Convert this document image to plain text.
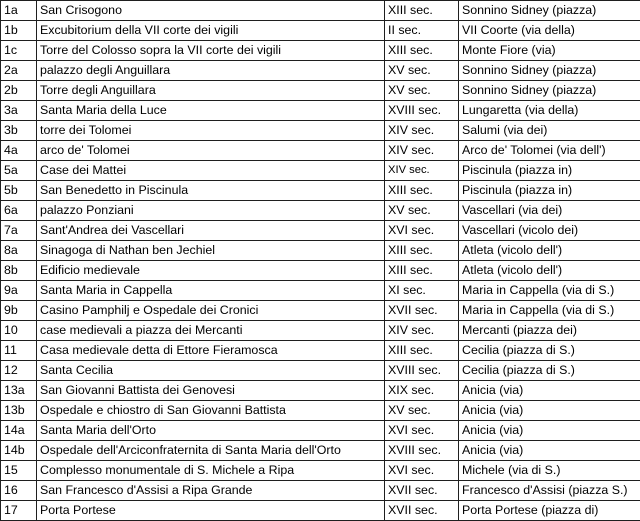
1a	San Crisogono	XIII sec.	Sonnino Sidney (piazza)
1b	Excubitorium della VII corte dei vigili	II sec.	VII Coorte (via della)
1c	Torre del Colosso sopra la VII corte dei vigili	XIII sec.	Monte Fiore (via)
2a	palazzo degli Anguillara	XV sec.	Sonnino Sidney (piazza)
2b	Torre degli Anguillara	XV sec.	Sonnino Sidney (piazza)
3a	Santa Maria della Luce	XVIII sec.	Lungaretta (via della)
3b	torre dei Tolomei	XIV sec.	Salumi (via dei)
4a	arco de' Tolomei	XIV sec.	Arco de' Tolomei (via dell')
5a	Case dei Mattei	XIV sec.	Piscinula (piazza in)
5b	San Benedetto in Piscinula	XIII sec.	Piscinula (piazza in)
6a	palazzo Ponziani	XV sec.	Vascellari (via dei)
7a	Sant'Andrea dei Vascellari	XVI sec.	Vascellari (vicolo dei)
8a	Sinagoga di Nathan ben Jechiel	XIII sec.	Atleta (vicolo dell')
8b	Edificio medievale	XIII sec.	Atleta (vicolo dell')
9a	Santa Maria in Cappella	XI sec.	Maria in Cappella (via di S.)
9b	Casino Pamphilj e Ospedale dei Cronici	XVII sec.	Maria in Cappella (via di S.)
10	case medievali a piazza dei Mercanti	XIV sec.	Mercanti (piazza dei)
11	Casa medievale detta di Ettore Fieramosca	XIII sec.	Cecilia (piazza di S.)
12	Santa Cecilia	XVIII sec.	Cecilia (piazza di S.)
13a	San Giovanni Battista dei Genovesi	XIX sec.	Anicia (via)
13b	Ospedale e chiostro di San Giovanni Battista	XV sec.	Anicia (via)
14a	Santa Maria dell'Orto	XVI sec.	Anicia (via)
14b	Ospedale dell'Arciconfraternita di Santa Maria dell'Orto	XVIII sec.	Anicia (via)
15	Complesso monumentale di S. Michele a Ripa	XVI sec.	Michele (via di S.)
16	San Francesco d'Assisi a Ripa Grande	XVII sec.	Francesco d'Assisi (piazza S.)
17	Porta Portese	XVII sec.	Porta Portese (piazza di)
